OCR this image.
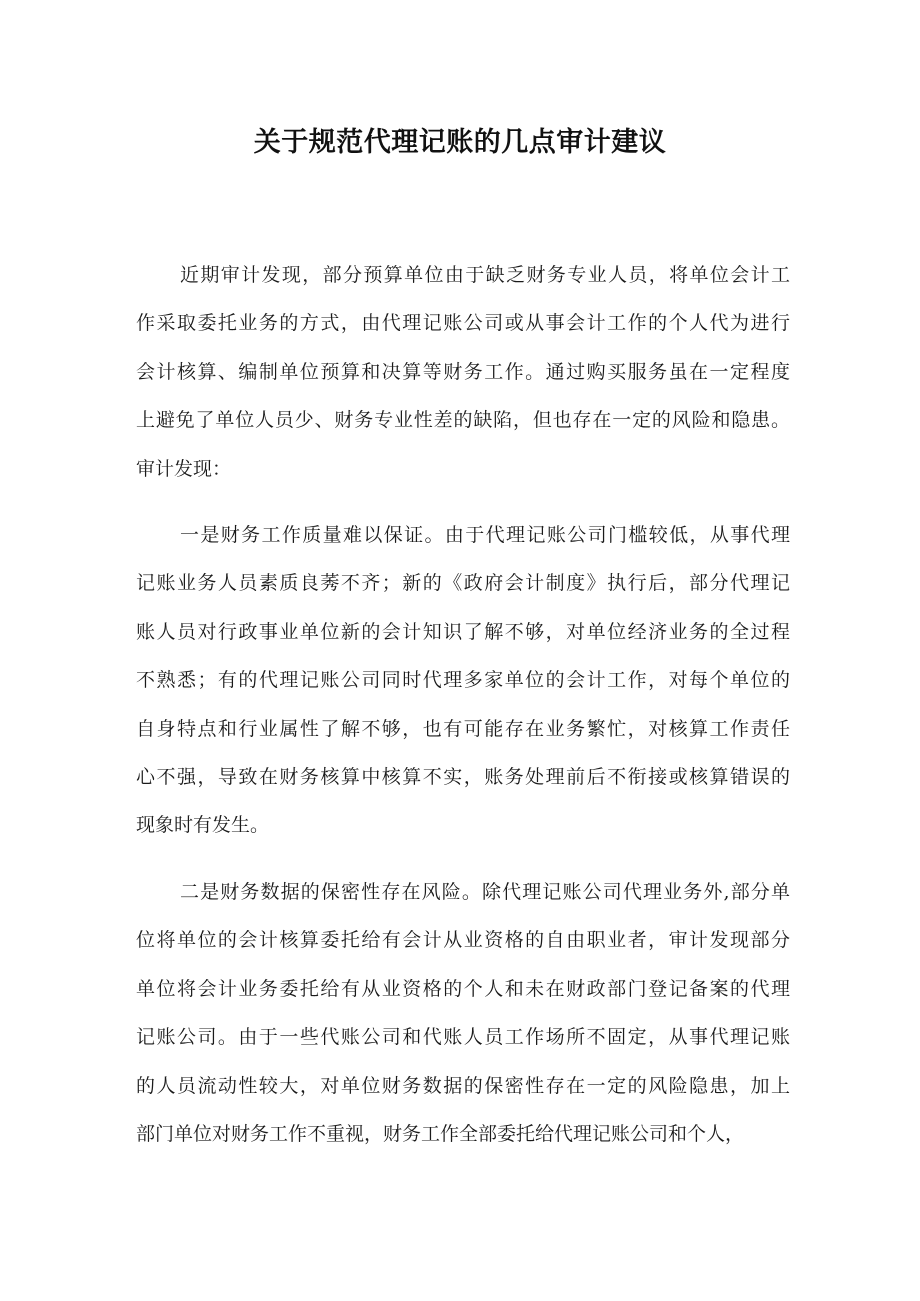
关于规范代理记账的几点审计建议
近期审计发现，部分预算单位由于缺乏财务专业人员，将单位会计工
作采取委托业务的方式，由代理记账公司或从事会计工作的个人代为进行
会计核算、编制单位预算和决算等财务工作。通过购买服务虽在一定程度
上避免了单位人员少、财务专业性差的缺陷，但也存在一定的风险和隐患。
审计发现：
一是财务工作质量难以保证。由于代理记账公司门槛较低，从事代理
记账业务人员素质良莠不齐；新的《政府会计制度》执行后，部分代理记
账人员对行政事业单位新的会计知识了解不够，对单位经济业务的全过程
不熟悉；有的代理记账公司同时代理多家单位的会计工作，对每个单位的
自身特点和行业属性了解不够，也有可能存在业务繁忙，对核算工作责任
心不强，导致在财务核算中核算不实，账务处理前后不衔接或核算错误的
现象时有发生。
二是财务数据的保密性存在风险。除代理记账公司代理业务外,部分单
位将单位的会计核算委托给有会计从业资格的自由职业者，审计发现部分
单位将会计业务委托给有从业资格的个人和未在财政部门登记备案的代理
记账公司。由于一些代账公司和代账人员工作场所不固定，从事代理记账
的人员流动性较大，对单位财务数据的保密性存在一定的风险隐患，加上
部门单位对财务工作不重视，财务工作全部委托给代理记账公司和个人，
